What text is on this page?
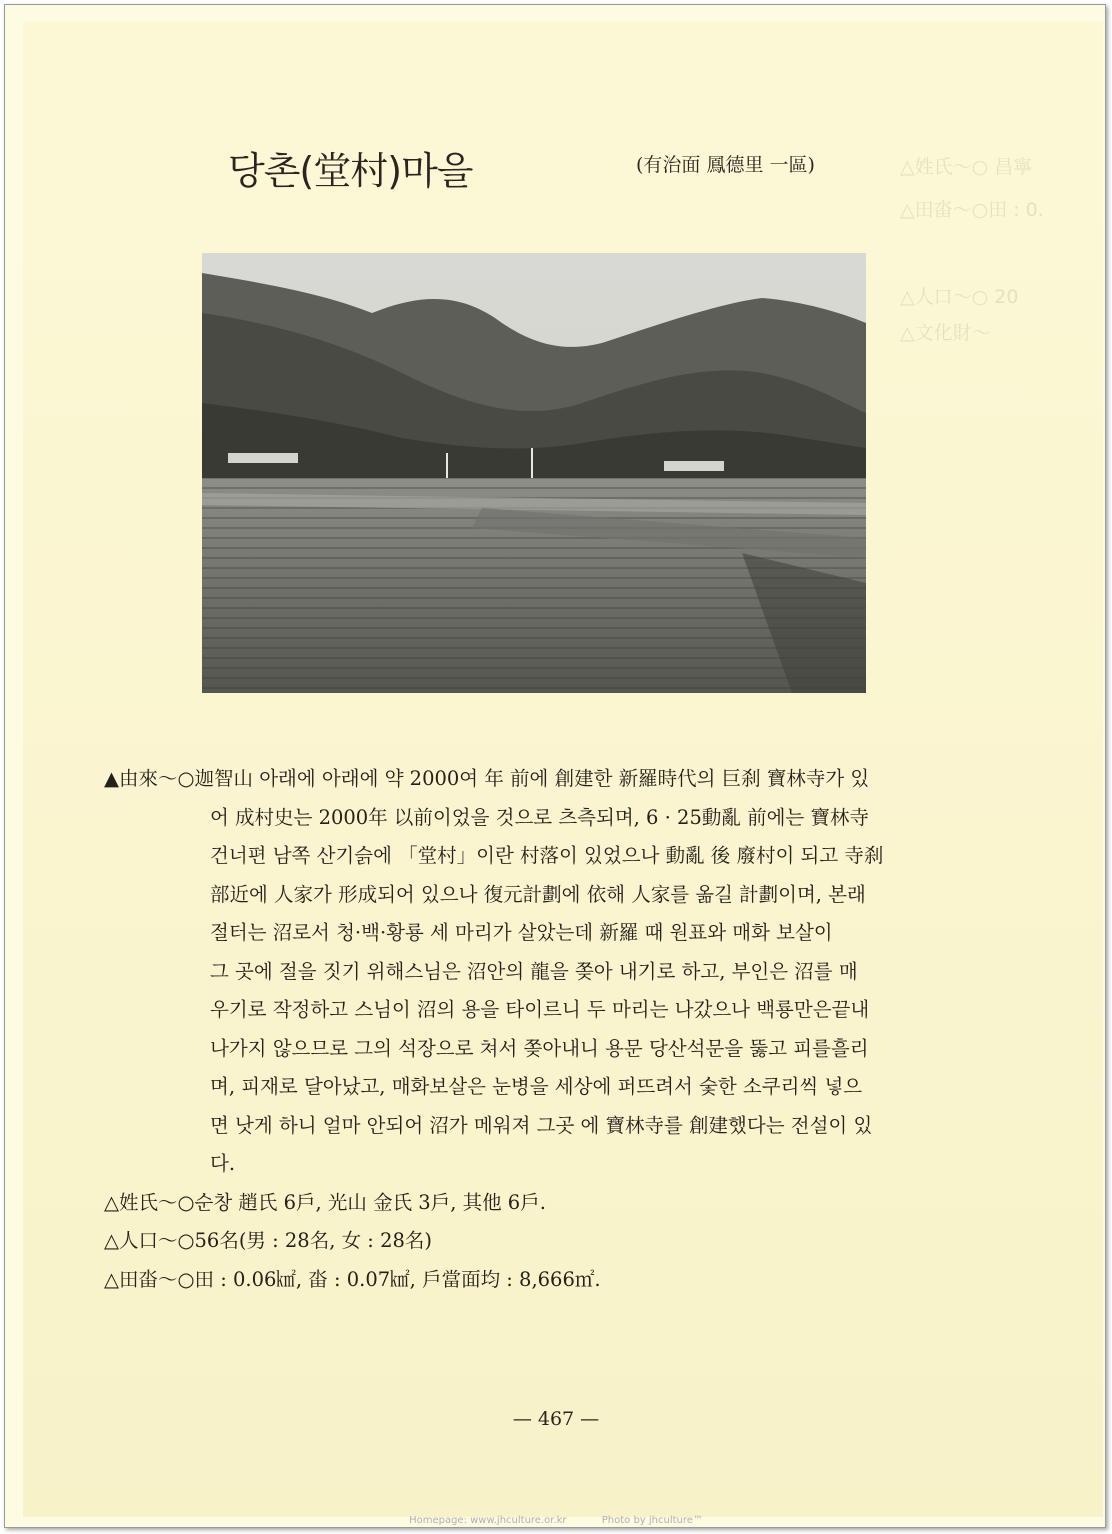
△姓氏～○ 昌寧
△田畓～○田 : 0.
△人口～○ 20
△文化財～
당촌(堂村)마을	(有治面 鳳德里 一區)
▲由來～○迦智山 아래에 아래에 약 2000여 年 前에 創建한 新羅時代의 巨刹 寶林寺가 있
어 成村史는 2000年 以前이었을 것으로 츠측되며, 6 · 25動亂 前에는 寶林寺
건너편 남쪽 산기슭에 「堂村」이란 村落이 있었으나 動亂 後 廢村이 되고 寺刹
部近에 人家가 形成되어 있으나 復元計劃에 依해 人家를 옮길 計劃이며, 본래
절터는 沼로서 청·백·황룡 세 마리가 살았는데 新羅 때 원표와 매화 보살이
그 곳에 절을 짓기 위해스님은 沼안의 龍을 쫒아 내기로 하고, 부인은 沼를 매
우기로 작정하고 스님이 沼의 용을 타이르니 두 마리는 나갔으나 백룡만은끝내
나가지 않으므로 그의 석장으로 쳐서 쫒아내니 용문 당산석문을 뚫고 피를흘리
며, 피재로 달아났고, 매화보살은 눈병을 세상에 퍼뜨려서 숯한 소쿠리씩 넣으
면 낫게 하니 얼마 안되어 沼가 메워져 그곳 에 寶林寺를 創建했다는 전설이 있
다.
△姓氏～○순창 趙氏 6戶, 光山 金氏 3戶, 其他 6戶.
△人口～○56名(男 : 28名, 女 : 28名)
△田畓～○田 : 0.06㎢, 畓 : 0.07㎢, 戶當面均 : 8,666㎡.
— 467 —
Homepage: www.jhculture.or.kr	Photo by jhculture™
